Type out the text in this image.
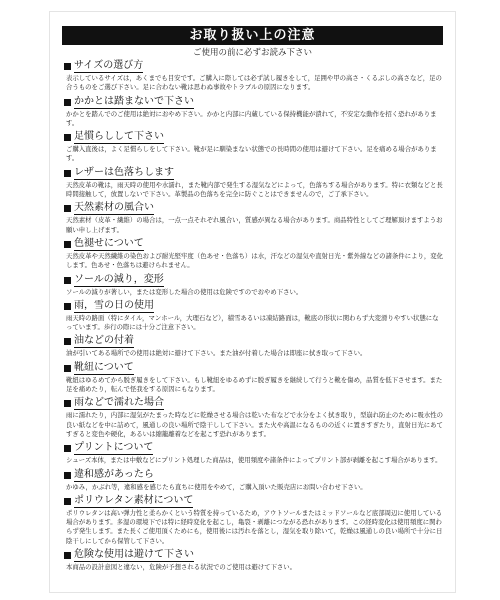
お取り扱い上の注意
ご使用の前に必ずお読み下さい
サイズの選び方
表示しているサイズは，あくまでも目安です。ご購入に際しては必ず試し履きをして，足囲や甲の高さ・くるぶしの高さなど，足の合うものをご選び下さい。足に合わない靴は思わぬ事故やトラブルの原因になります。
かかとは踏まないで下さい
かかとを踏んでのご使用は絶対におやめ下さい。かかと内部に内蔵している保持機能が潰れて，不安定な動作を招く恐れがあります。
足慣らしして下さい
ご購入直後は，よく足慣らしをして下さい。靴が足に馴染まない状態での長時間の使用は避けて下さい。足を痛める場合があります。
レザーは色落ちします
天然皮革の靴は，雨天時の使用や水濡れ，また靴内部で発生する湿気などによって，色落ちする場合があります。特に衣類などと長時間接触して，放置しないで下さい。革製品の色落ちを完全に防ぐことはできませんので，ご了承下さい。
天然素材の風合い
天然素材（皮革・繊維）の場合は，一点一点それぞれ風合い，質感が異なる場合があります。商品特性としてご理解頂けますようお願い申し上げます。
色褪せについて
天然皮革や天然繊維の染色および耐光堅牢度（色あせ・色落ち）は水，汗などの湿気や直射日光・紫外線などの諸条件により，変化します。色あせ・色落ちは避けられません。
ソールの減り，変形
ソールの減りが著しい，または変形した場合の使用は危険ですのでおやめ下さい。
雨，雪の日の使用
雨天時の路面（特にタイル，マンホール，大理石など），積雪あるいは凍結路面は，靴底の形状に関わらず大変滑りやすい状態になっています。歩行の際には十分ご注意下さい。
油などの付着
油が引いてある場所での使用は絶対に避けて下さい。また油が付着した場合は即座に拭き取って下さい。
靴紐について
靴紐はゆるめてから脱ぎ履きをして下さい。もし靴紐をゆるめずに脱ぎ履きを継続して行うと靴を傷め，品質を低下させます。また足を痛めたり，転んで怪我をする原因にもなります。
雨などで濡れた場合
雨に濡れたり，内部に湿気がたまった時などに乾燥させる場合は乾いた布などで水分をよく拭き取り，型崩れ防止のために吸水性の良い紙などを中に詰めて，風通しの良い場所で陰干しして下さい。また火や高温になるものの近くに置きすぎたり，直射日光にあてすぎると変色や硬化，あるいは縮籠離着などを起こす恐れがあります。
プリントについて
シューズ本体，または中敷などにプリント処理した商品は，使用頻度や諸条件によってプリント部が剥離を起こす場合があります。
違和感があったら
かゆみ，かぶれ等，違和感を感じたら直ちに使用をやめて，ご購入頂いた販売店にお問い合わせ下さい。
ポリウレタン素材について
ポリウレタンは高い弾力性と柔らかくという特質を持っているため，アウトソールまたはミッドソールなど底部周辺に使用している場合があります。多湿の環境下では特に経時変化を起こし，亀裂・剥離につながる恐れがあります。この経時変化は使用頻度に関わらず発生します。また長くご使用頂くためにも，使用後には汚れを落とし，湿気を取り除いて，乾燥は風通しの良い場所で十分に日陰干しにしてから保管して下さい。
危険な使用は避けて下さい
本商品の設計意図と違ない，危険が予想される状況でのご使用は避けて下さい。
